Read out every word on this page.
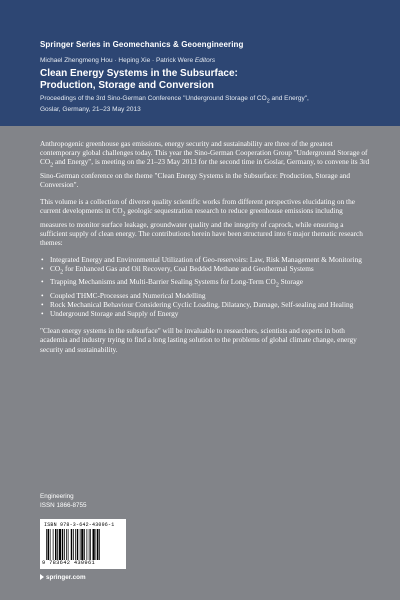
Springer Series in Geomechanics & Geoengineering
Michael Zhengmeng Hou · Heping Xie · Patrick Were Editors
Clean Energy Systems in the Subsurface:
Production, Storage and Conversion
Proceedings of the 3rd Sino-German Conference "Underground Storage of $CO_2$ and Energy",
Goslar, Germany, 21–23 May 2013

Anthropogenic greenhouse gas emissions, energy security and sustainability are three of the greatest contemporary global challenges today. This year the Sino-German Cooperation Group "Underground Storage of $CO_2$ and Energy", is meeting on the 21–23 May 2013 for the second time in Goslar, Germany, to convene its 3rd Sino-German conference on the theme "Clean Energy Systems in the Subsurface: Production, Storage and Conversion".

This volume is a collection of diverse quality scientific works from different perspectives elucidating on the current developments in $CO_2$ geologic sequestration research to reduce greenhouse emissions including measures to monitor surface leakage, groundwater quality and the integrity of caprock, while ensuring a sufficient supply of clean energy. The contributions herein have been structured into 6 major thematic research themes:

• Integrated Energy and Environmental Utilization of Geo-reservoirs: Law, Risk Management & Monitoring
• $CO_2$ for Enhanced Gas and Oil Recovery, Coal Bedded Methane and Geothermal Systems
• Trapping Mechanisms and Multi-Barrier Sealing Systems for Long-Term $CO_2$ Storage
• Coupled THMC-Processes and Numerical Modelling
• Rock Mechanical Behaviour Considering Cyclic Loading, Dilatancy, Damage, Self-sealing and Healing
• Underground Storage and Supply of Energy

"Clean energy systems in the subsurface" will be invaluable to researchers, scientists and experts in both academia and industry trying to find a long lasting solution to the problems of global climate change, energy security and sustainability.

Engineering
ISSN 1866-8755
ISBN 978-3-642-43096-1
9 783642 430961
springer.com
